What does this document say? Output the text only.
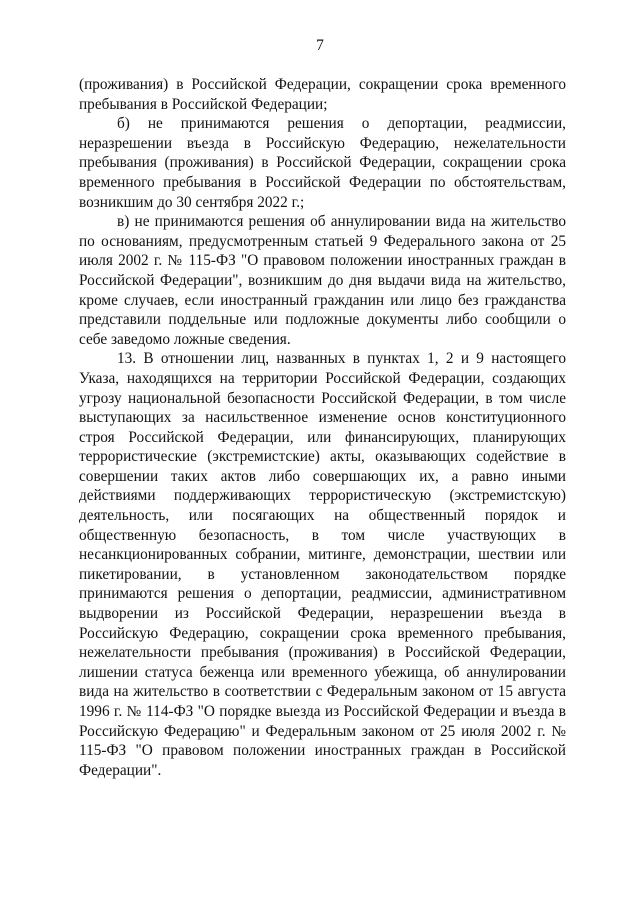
7

(проживания) в Российской Федерации, сокращении срока временного пребывания в Российской Федерации;

б) не принимаются решения о депортации, реадмиссии, неразрешении въезда в Российскую Федерацию, нежелательности пребывания (проживания) в Российской Федерации, сокращении срока временного пребывания в Российской Федерации по обстоятельствам, возникшим до 30 сентября 2022 г.;

в) не принимаются решения об аннулировании вида на жительство по основаниям, предусмотренным статьей 9 Федерального закона от 25 июля 2002 г. № 115-ФЗ "О правовом положении иностранных граждан в Российской Федерации", возникшим до дня выдачи вида на жительство, кроме случаев, если иностранный гражданин или лицо без гражданства представили поддельные или подложные документы либо сообщили о себе заведомо ложные сведения.

13. В отношении лиц, названных в пунктах 1, 2 и 9 настоящего Указа, находящихся на территории Российской Федерации, создающих угрозу национальной безопасности Российской Федерации, в том числе выступающих за насильственное изменение основ конституционного строя Российской Федерации, или финансирующих, планирующих террористические (экстремистские) акты, оказывающих содействие в совершении таких актов либо совершающих их, а равно иными действиями поддерживающих террористическую (экстремистскую) деятельность, или посягающих на общественный порядок и общественную безопасность, в том числе участвующих в несанкционированных собрании, митинге, демонстрации, шествии или пикетировании, в установленном законодательством порядке принимаются решения о депортации, реадмиссии, административном выдворении из Российской Федерации, неразрешении въезда в Российскую Федерацию, сокращении срока временного пребывания, нежелательности пребывания (проживания) в Российской Федерации, лишении статуса беженца или временного убежища, об аннулировании вида на жительство в соответствии с Федеральным законом от 15 августа 1996 г. № 114-ФЗ "О порядке выезда из Российской Федерации и въезда в Российскую Федерацию" и Федеральным законом от 25 июля 2002 г. № 115-ФЗ "О правовом положении иностранных граждан в Российской Федерации".
